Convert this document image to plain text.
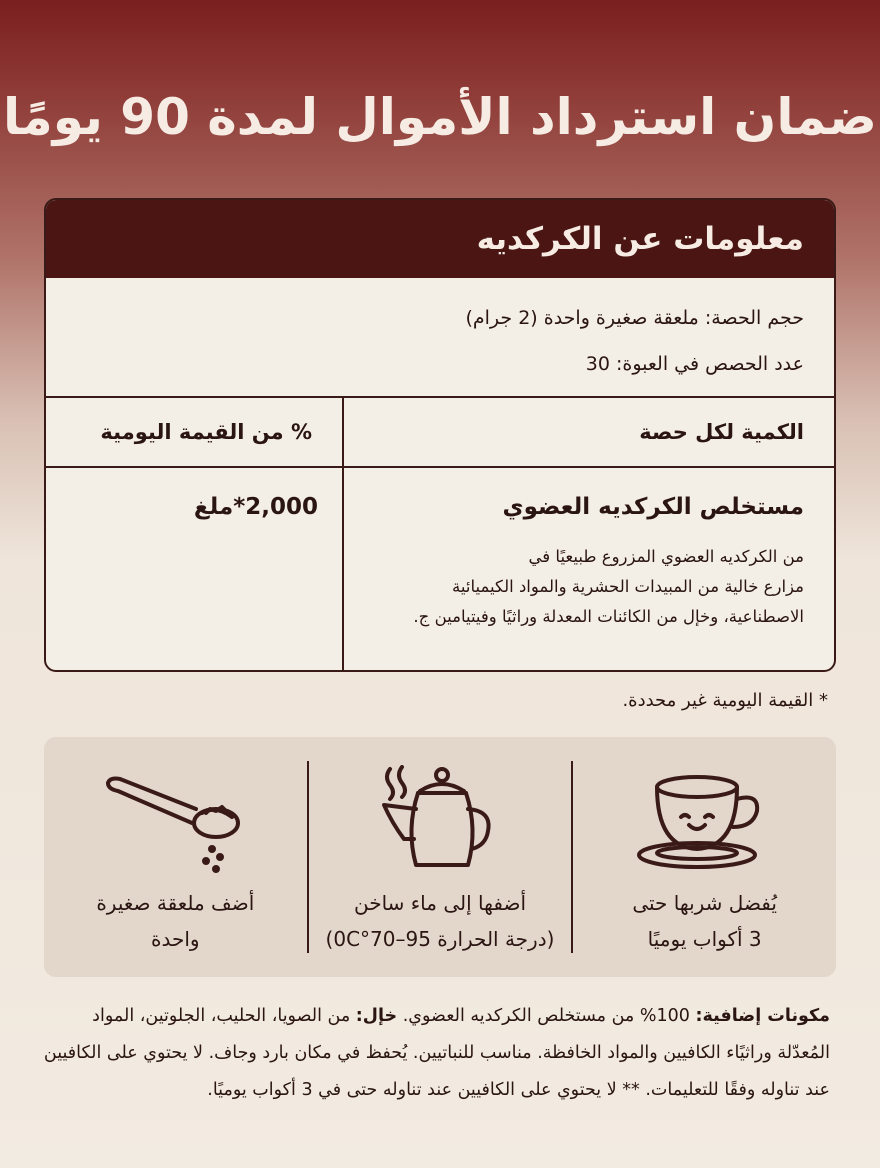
ضمان استرداد الأموال لمدة 90 يومًا
معلومات عن الكركديه
حجم الحصة: ملعقة صغيرة واحدة (2 جرام)
عدد الحصص في العبوة: 30
الكمية لكل حصة
% من القيمة اليومية
مستخلص الكركديه العضوي
من الكركديه العضوي المزروع طبيعيًا في
مزارع خالية من المبيدات الحشرية والمواد الكيميائية
الاصطناعية، وخإل من الكائنات المعدلة وراثيًا وفيتيامين ج.
2,000*ملغ
* القيمة اليومية غير محددة.
يُفضل شربها حتى
3 أكواب يوميًا
أضفها إلى ماء ساخن
(درجة الحرارة 0C°70–95)
أضف ملعقة صغيرة
واحدة
مكونات إضافية: 100% من مستخلص الكركديه العضوي. خإل: من الصويا، الحليب، الجلوتين، المواد المُعدّلة وراثيًاء الكافيين والمواد الخافظة. مناسب للنباتيين. يُحفظ في مكان بارد وجاف. لا يحتوي على الكافيين عند تناوله وفقًا للتعليمات. ** لا يحتوي على الكافيين عند تناوله حتى في 3 أكواب يوميًا.
